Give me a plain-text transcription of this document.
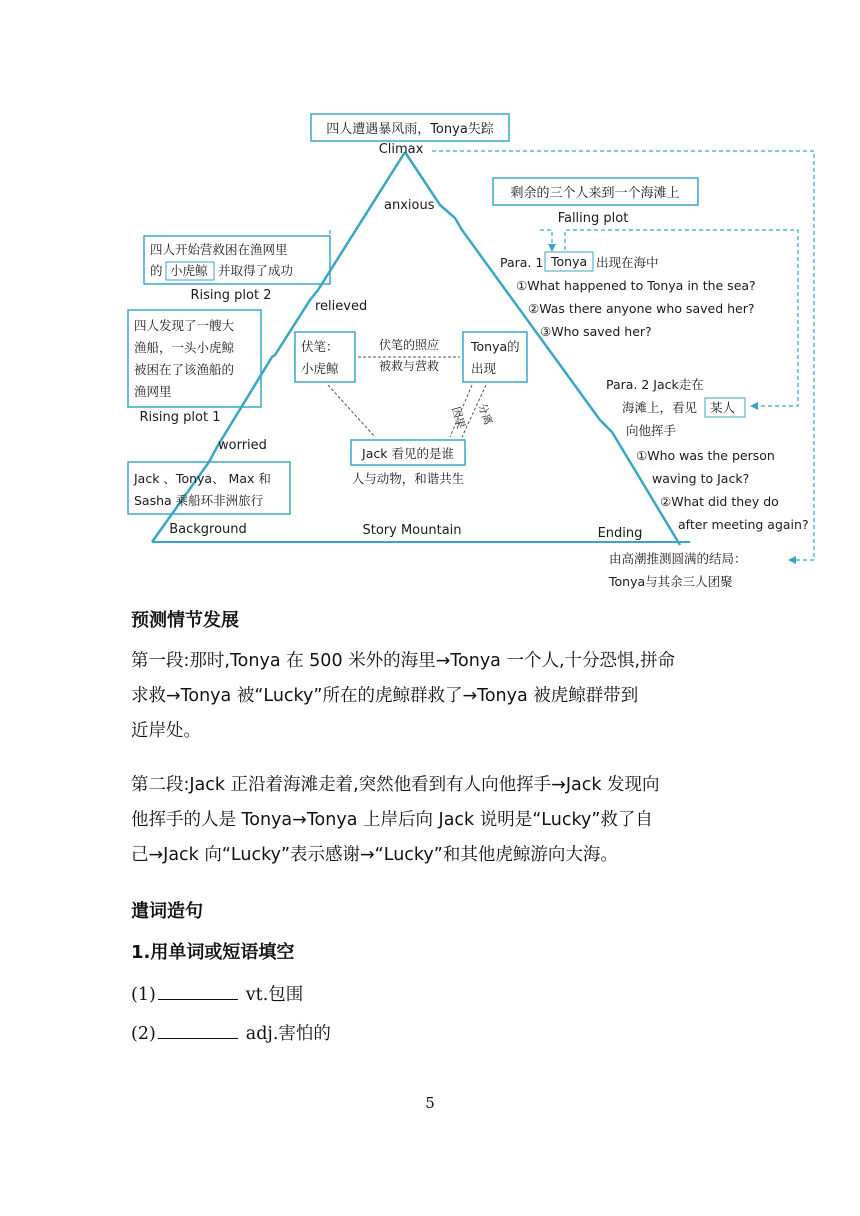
四人遭遇暴风雨，Tonya失踪
Climax
剩余的三个人来到一个海滩上
Falling plot
anxious
relieved
worried
四人开始营救困在渔网里
的 小虎鲸 并取得了成功
Rising plot 2
四人发现了一艘大
渔船，一头小虎鲸
被困在了该渔船的
渔网里
Rising plot 1
Jack 、Tonya、 Max 和
Sasha 乘船环非洲旅行
Background	Story Mountain	Ending
伏笔：
小虎鲸
Tonya的
出现
伏笔的照应
被救与营救
因果 分离
Jack 看见的是谁
人与动物，和谐共生
Para. 1 Tonya 出现在海中
①What happened to Tonya in the sea?
②Was there anyone who saved her?
③Who saved her?
Para. 2 Jack走在
海滩上，看见 某人
向他挥手
①Who was the person
waving to Jack?
②What did they do
after meeting again?
由高潮推测圆满的结局：
Tonya与其余三人团聚
预测情节发展
第一段:那时,Tonya 在 500 米外的海里→Tonya 一个人,十分恐惧,拼命
求救→Tonya 被“Lucky”所在的虎鲸群救了→Tonya 被虎鲸群带到
近岸处。
第二段:Jack 正沿着海滩走着,突然他看到有人向他挥手→Jack 发现向
他挥手的人是 Tonya→Tonya 上岸后向 Jack 说明是“Lucky”救了自
己→Jack 向“Lucky”表示感谢→“Lucky”和其他虎鲸游向大海。
遣词造句
1.用单词或短语填空
(1)	vt.包围
(2)	adj.害怕的
5
